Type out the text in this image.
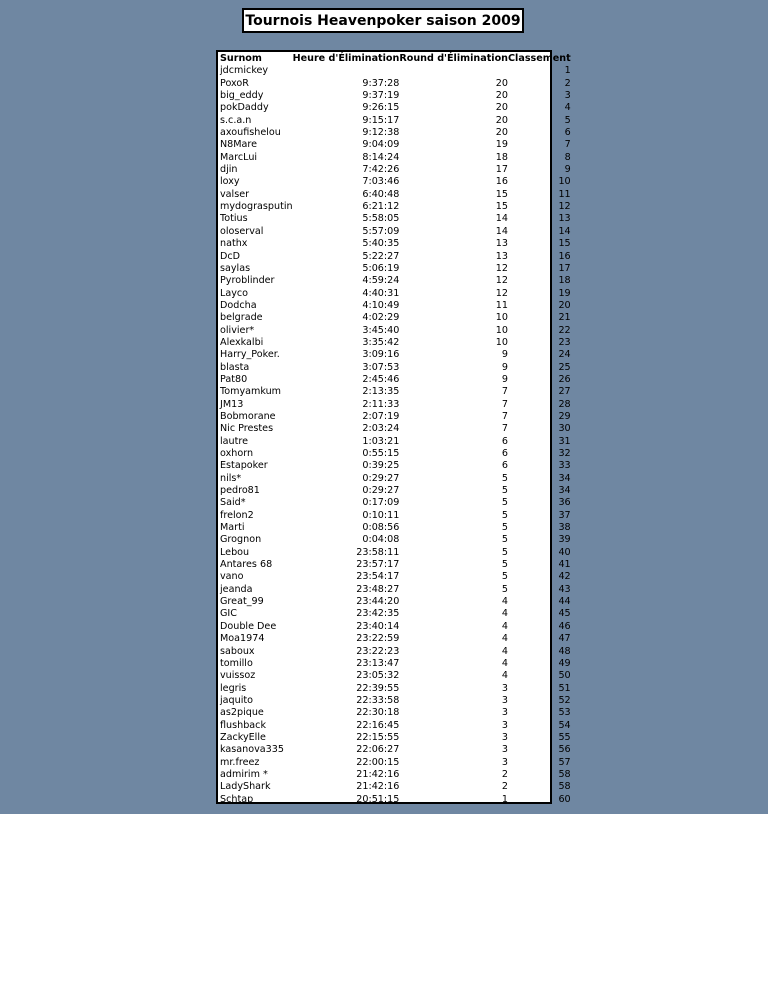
Tournois Heavenpoker saison 2009
Surnom	Heure d'Élimination	Round d'Élimination	Classement
jdcmickey			1
PoxoR	9:37:28	20	2
big_eddy	9:37:19	20	3
pokDaddy	9:26:15	20	4
s.c.a.n	9:15:17	20	5
axoufishelou	9:12:38	20	6
N8Mare	9:04:09	19	7
MarcLui	8:14:24	18	8
djin	7:42:26	17	9
loxy	7:03:46	16	10
valser	6:40:48	15	11
mydograsputin	6:21:12	15	12
Totius	5:58:05	14	13
oloserval	5:57:09	14	14
nathx	5:40:35	13	15
DcD	5:22:27	13	16
saylas	5:06:19	12	17
Pyroblinder	4:59:24	12	18
Layco	4:40:31	12	19
Dodcha	4:10:49	11	20
belgrade	4:02:29	10	21
olivier*	3:45:40	10	22
Alexkalbi	3:35:42	10	23
Harry_Poker.	3:09:16	9	24
blasta	3:07:53	9	25
Pat80	2:45:46	9	26
Tomyamkum	2:13:35	7	27
JM13	2:11:33	7	28
Bobmorane	2:07:19	7	29
Nic Prestes	2:03:24	7	30
lautre	1:03:21	6	31
oxhorn	0:55:15	6	32
Estapoker	0:39:25	6	33
nils*	0:29:27	5	34
pedro81	0:29:27	5	34
Said*	0:17:09	5	36
frelon2	0:10:11	5	37
Marti	0:08:56	5	38
Grognon	0:04:08	5	39
Lebou	23:58:11	5	40
Antares 68	23:57:17	5	41
vano	23:54:17	5	42
jeanda	23:48:27	5	43
Great_99	23:44:20	4	44
GIC	23:42:35	4	45
Double Dee	23:40:14	4	46
Moa1974	23:22:59	4	47
saboux	23:22:23	4	48
tomillo	23:13:47	4	49
vuissoz	23:05:32	4	50
legris	22:39:55	3	51
jaquito	22:33:58	3	52
as2pique	22:30:18	3	53
flushback	22:16:45	3	54
ZackyElle	22:15:55	3	55
kasanova335	22:06:27	3	56
mr.freez	22:00:15	3	57
admirim *	21:42:16	2	58
LadyShark	21:42:16	2	58
Schtap	20:51:15	1	60
